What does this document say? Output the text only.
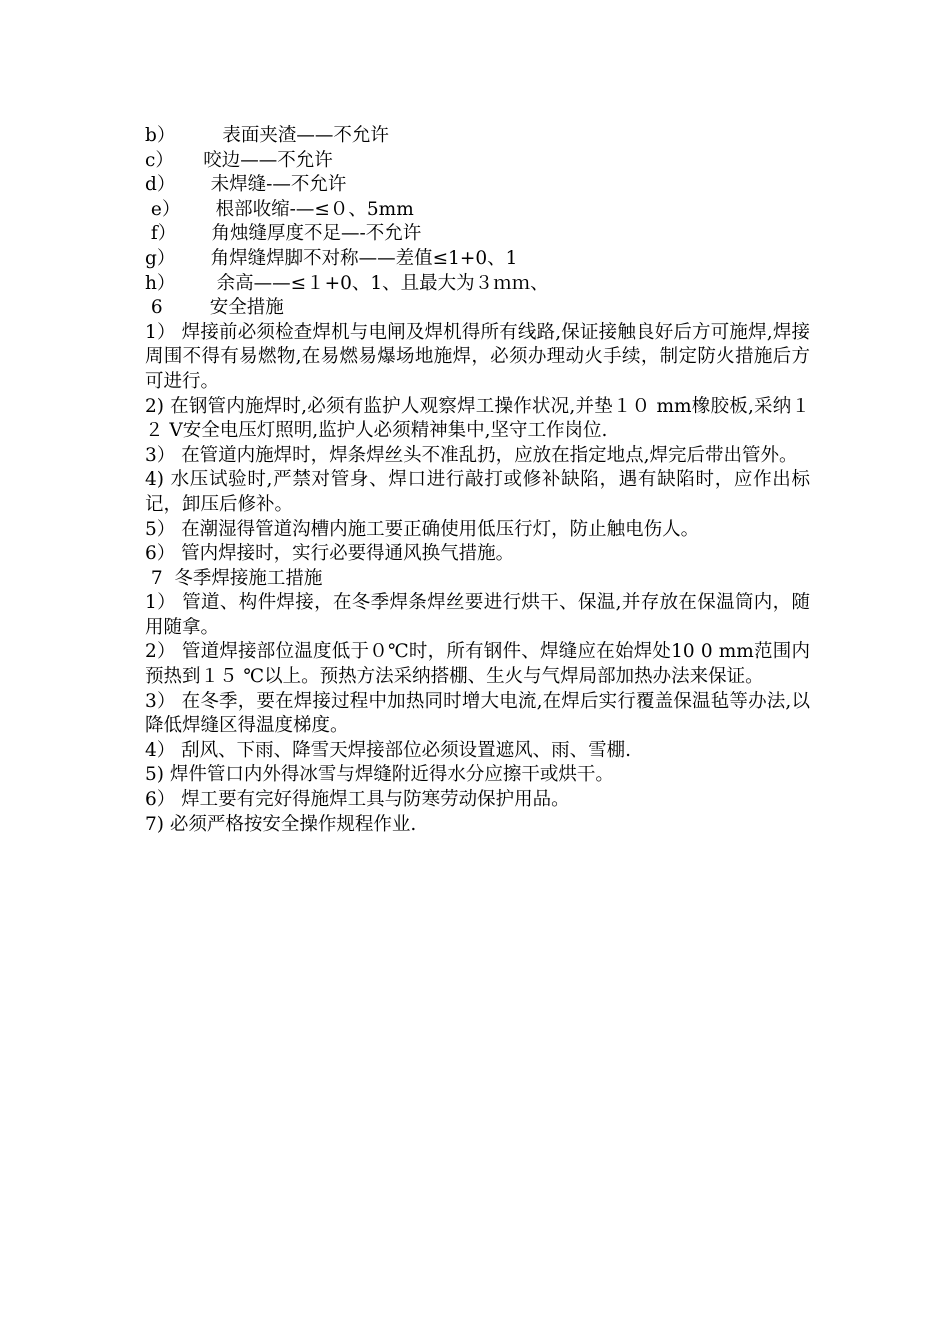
b）	表面夹渣——不允许
c） 咬边——不允许
d） 未焊缝-—不允许
e） 根部收缩-—≤０、5mm
f） 角烛缝厚度不足—-不允许
g） 角焊缝焊脚不对称——差值≤1+0、1
h） 余高——≤１+0、1、且最大为３ｍｍ、
6        安全措施
1） 焊接前必须检查焊机与电闸及焊机得所有线路,保证接触良好后方可施焊,焊接周围不得有易燃物,在易燃易爆场地施焊，必须办理动火手续，制定防火措施后方可进行。
2) 在钢管内施焊时,必须有监护人观察焊工操作状况,并垫１０ mm橡胶板,采纳１２ V安全电压灯照明,监护人必须精神集中,坚守工作岗位.
3） 在管道内施焊时，焊条焊丝头不准乱扔，应放在指定地点,焊完后带出管外。
4) 水压试验时,严禁对管身、焊口进行敲打或修补缺陷，遇有缺陷时，应作出标记，卸压后修补。
5） 在潮湿得管道沟槽内施工要正确使用低压行灯，防止触电伤人。
6） 管内焊接时，实行必要得通风换气措施。
7  冬季焊接施工措施
1） 管道、构件焊接，在冬季焊条焊丝要进行烘干、保温,并存放在保温筒内，随用随拿。
2） 管道焊接部位温度低于０℃时，所有钢件、焊缝应在始焊处10 0 mm范围内预热到１５ ℃以上。预热方法采纳搭棚、生火与气焊局部加热办法来保证。
3） 在冬季，要在焊接过程中加热同时增大电流,在焊后实行覆盖保温毡等办法,以降低焊缝区得温度梯度。
4） 刮风、下雨、降雪天焊接部位必须设置遮风、雨、雪棚.
5) 焊件管口内外得冰雪与焊缝附近得水分应擦干或烘干。
6） 焊工要有完好得施焊工具与防寒劳动保护用品。
7) 必须严格按安全操作规程作业.
